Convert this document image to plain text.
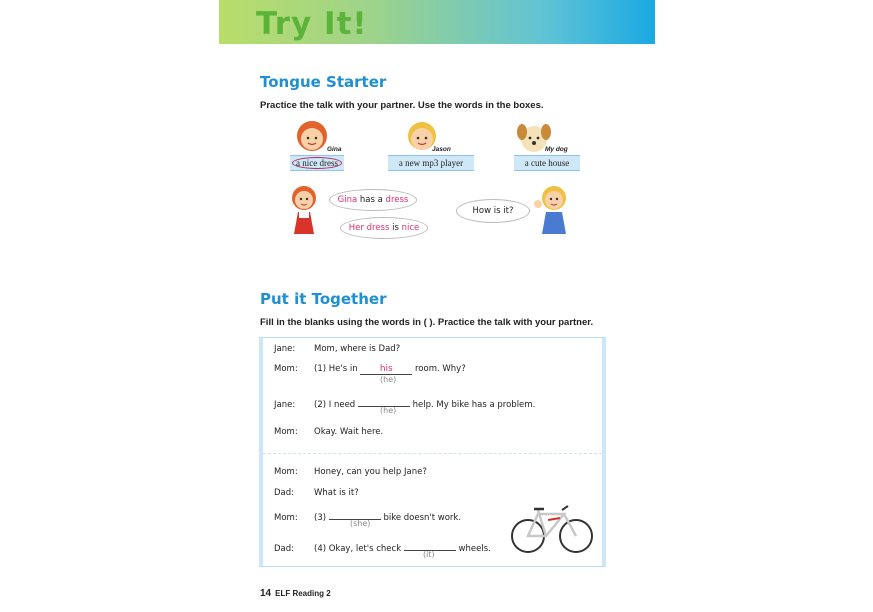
Try It!
Tongue Starter
Practice the talk with your partner. Use the words in the boxes.
Gina
a nice dress
Jason
a new mp3 player
My dog
a cute house
Gina has a dress
Her dress is nice
How is it?
Put it Together
Fill in the blanks using the words in ( ). Practice the talk with your partner.
Jane: Mom, where is Dad?
Mom: (1) He's in his	room. Why?
(he)
Jane: (2) I need	help. My bike has a problem.
(he)
Mom: Okay. Wait here.
Mom: Honey, can you help Jane?
Dad: What is it?
Mom: (3)	bike doesn't work.
(she)
Dad: (4) Okay, let's check	wheels.
(it)
14 ELF Reading 2
